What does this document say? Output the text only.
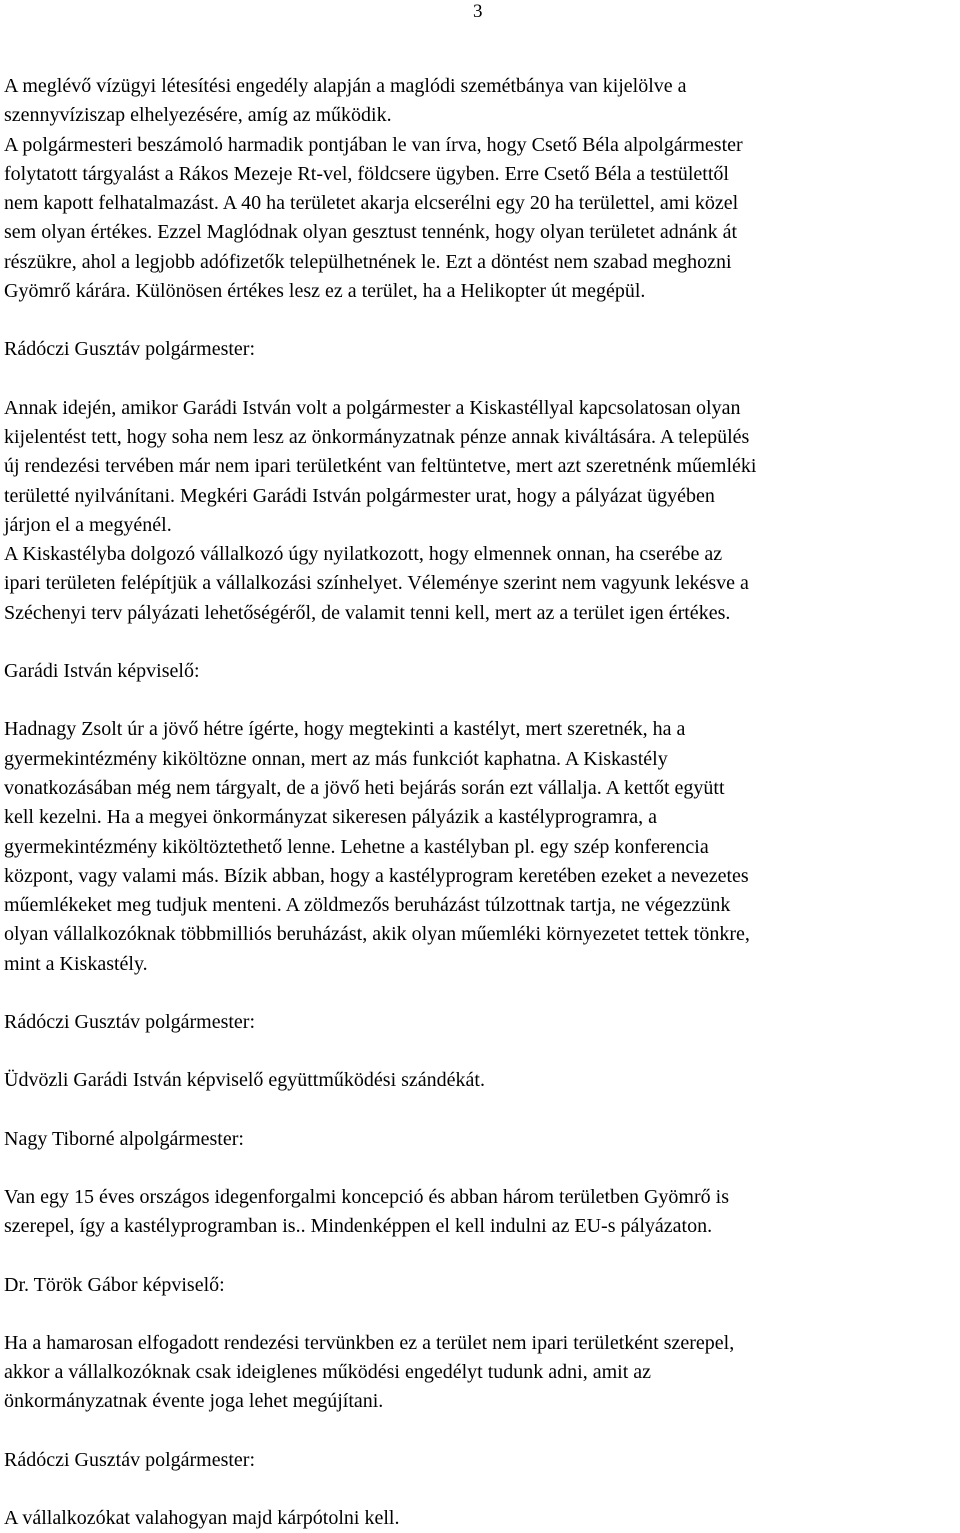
3

A meglévő vízügyi létesítési engedély alapján a maglódi szemétbánya van kijelölve a
szennyvíziszap elhelyezésére, amíg az működik.
A polgármesteri beszámoló harmadik pontjában le van írva, hogy Csető Béla alpolgármester
folytatott tárgyalást a Rákos Mezeje Rt-vel, földcsere ügyben. Erre Csető Béla a testülettől
nem kapott felhatalmazást. A 40 ha területet akarja elcserélni egy 20 ha területtel, ami közel
sem olyan értékes. Ezzel Maglódnak olyan gesztust tennénk, hogy olyan területet adnánk át
részükre, ahol a legjobb adófizetők települhetnének le. Ezt a döntést nem szabad meghozni
Gyömrő kárára. Különösen értékes lesz ez a terület, ha a Helikopter út megépül.

Rádóczi Gusztáv polgármester:

Annak idején, amikor Garádi István volt a polgármester a Kiskastéllyal kapcsolatosan olyan
kijelentést tett, hogy soha nem lesz az önkormányzatnak pénze annak kiváltására. A település
új rendezési tervében már nem ipari területként van feltüntetve, mert azt szeretnénk műemléki
területté nyilvánítani. Megkéri Garádi István polgármester urat, hogy a pályázat ügyében
járjon el a megyénél.
A Kiskastélyba dolgozó vállalkozó úgy nyilatkozott, hogy elmennek onnan, ha cserébe az
ipari területen felépítjük a vállalkozási színhelyet. Véleménye szerint nem vagyunk lekésve a
Széchenyi terv pályázati lehetőségéről, de valamit tenni kell, mert az a terület igen értékes.

Garádi István képviselő:

Hadnagy Zsolt úr a jövő hétre ígérte, hogy megtekinti a kastélyt, mert szeretnék, ha a
gyermekintézmény kiköltözne onnan, mert az más funkciót kaphatna. A Kiskastély
vonatkozásában még nem tárgyalt, de a jövő heti bejárás során ezt vállalja. A kettőt együtt
kell kezelni. Ha a megyei önkormányzat sikeresen pályázik a kastélyprogramra, a
gyermekintézmény kiköltöztethető lenne. Lehetne a kastélyban pl. egy szép konferencia
központ, vagy valami más. Bízik abban, hogy a kastélyprogram keretében ezeket a nevezetes
műemlékeket meg tudjuk menteni. A zöldmezős beruházást túlzottnak tartja, ne végezzünk
olyan vállalkozóknak többmilliós beruházást, akik olyan műemléki környezetet tettek tönkre,
mint a Kiskastély.

Rádóczi Gusztáv polgármester:

Üdvözli Garádi István képviselő együttműködési szándékát.

Nagy Tiborné alpolgármester:

Van egy 15 éves országos idegenforgalmi koncepció és abban három területben Gyömrő is
szerepel, így a kastélyprogramban is.. Mindenképpen el kell indulni az EU-s pályázaton.

Dr. Török Gábor képviselő:

Ha a hamarosan elfogadott rendezési tervünkben ez a terület nem ipari területként szerepel,
akkor a vállalkozóknak csak ideiglenes működési engedélyt tudunk adni, amit az
önkormányzatnak évente joga lehet megújítani.

Rádóczi Gusztáv polgármester:

A vállalkozókat valahogyan majd kárpótolni kell.
